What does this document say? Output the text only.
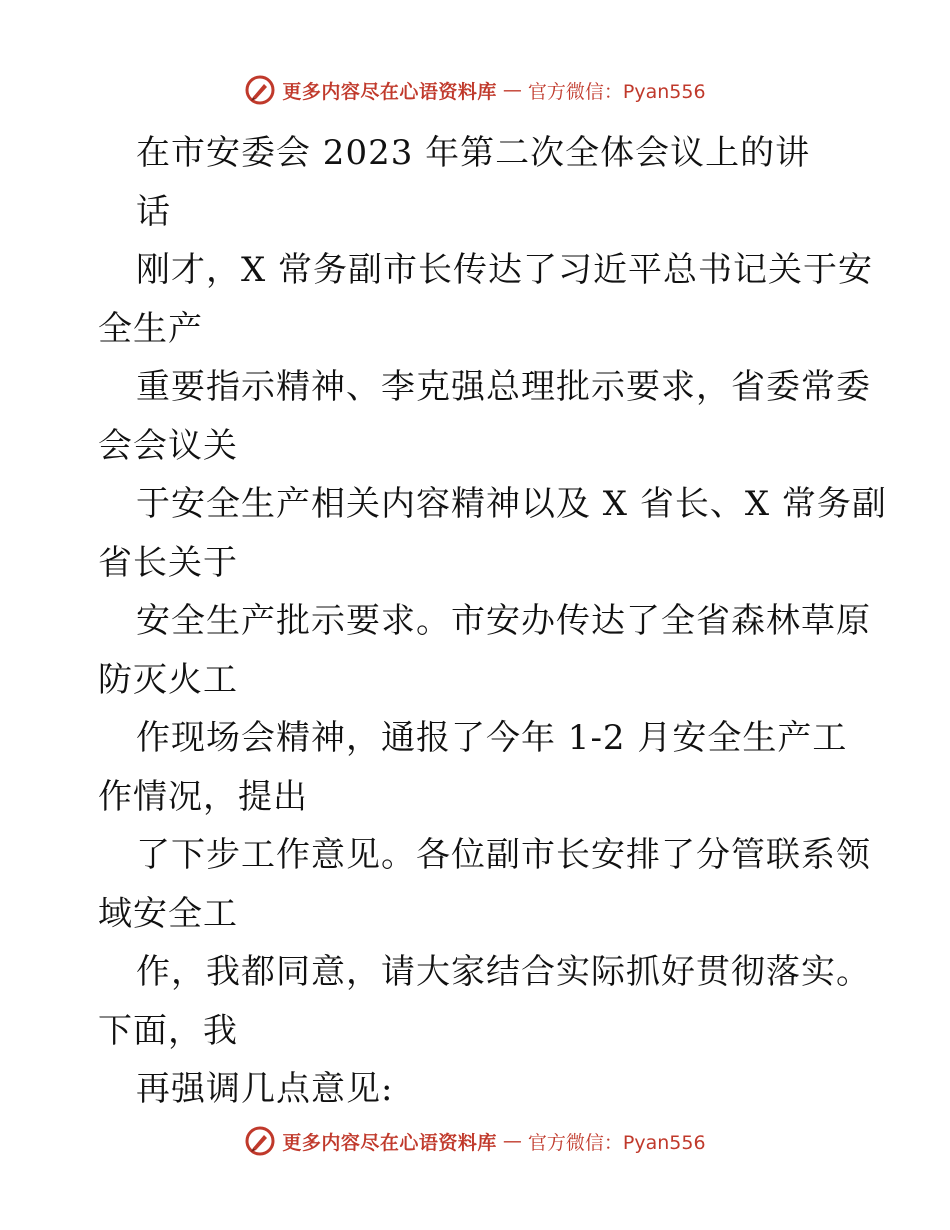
更多内容尽在心语资料库 — 官方微信：Pyan556
在市安委会 2023 年第二次全体会议上的讲
话
刚才，X 常务副市长传达了习近平总书记关于安
全生产
重要指示精神、李克强总理批示要求，省委常委
会会议关
于安全生产相关内容精神以及 X 省长、X 常务副
省长关于
安全生产批示要求。市安办传达了全省森林草原
防灭火工
作现场会精神，通报了今年 1-2 月安全生产工
作情况，提出
了下步工作意见。各位副市长安排了分管联系领
域安全工
作，我都同意，请大家结合实际抓好贯彻落实。
下面，我
再强调几点意见:
更多内容尽在心语资料库 — 官方微信：Pyan556
